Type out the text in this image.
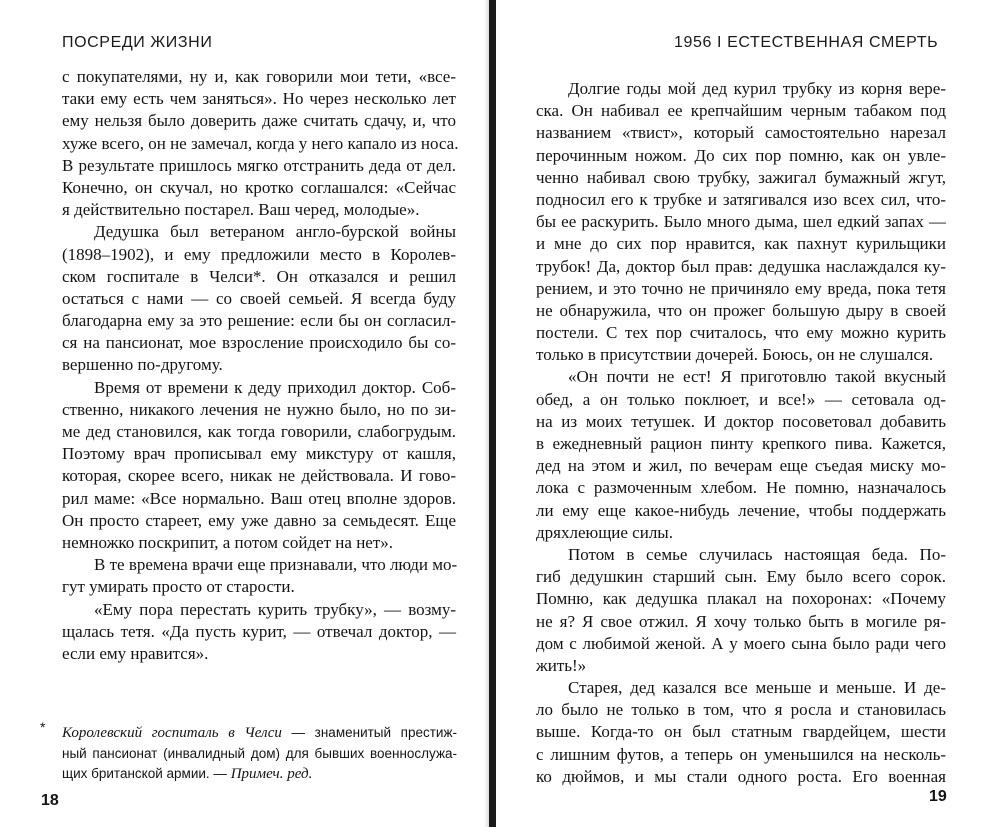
ПОСРЕДИ ЖИЗНИ
с покупателями, ну и, как говорили мои тети, «все-
таки ему есть чем заняться». Но через несколько лет
ему нельзя было доверить даже считать сдачу, и, что
хуже всего, он не замечал, когда у него капало из носа.
В результате пришлось мягко отстранить деда от дел.
Конечно, он скучал, но кротко соглашался: «Сейчас
я действительно постарел. Ваш черед, молодые».
Дедушка был ветераном англо-бурской войны
(1898–1902), и ему предложили место в Королев-
ском госпитале в Челси*. Он отказался и решил
остаться с нами — со своей семьей. Я всегда буду
благодарна ему за это решение: если бы он согласил-
ся на пансионат, мое взросление происходило бы со-
вершенно по-другому.
Время от времени к деду приходил доктор. Соб-
ственно, никакого лечения не нужно было, но по зи-
ме дед становился, как тогда говорили, слабогрудым.
Поэтому врач прописывал ему микстуру от кашля,
которая, скорее всего, никак не действовала. И гово-
рил маме: «Все нормально. Ваш отец вполне здоров.
Он просто стареет, ему уже давно за семьдесят. Еще
немножко поскрипит, а потом сойдет на нет».
В те времена врачи еще признавали, что люди мо-
гут умирать просто от старости.
«Ему пора перестать курить трубку», — возму-
щалась тетя. «Да пусть курит, — отвечал доктор, —
если ему нравится».
* Королевский госпиталь в Челси — знаменитый престиж-
ный пансионат (инвалидный дом) для бывших военнослужа-
щих британской армии. — Примеч. ред.
18
1956 I ЕСТЕСТВЕННАЯ СМЕРТЬ
Долгие годы мой дед курил трубку из корня вере-
ска. Он набивал ее крепчайшим черным табаком под
названием «твист», который самостоятельно нарезал
перочинным ножом. До сих пор помню, как он увле-
ченно набивал свою трубку, зажигал бумажный жгут,
подносил его к трубке и затягивался изо всех сил, что-
бы ее раскурить. Было много дыма, шел едкий запах —
и мне до сих пор нравится, как пахнут курильщики
трубок! Да, доктор был прав: дедушка наслаждался ку-
рением, и это точно не причиняло ему вреда, пока тетя
не обнаружила, что он прожег большую дыру в своей
постели. С тех пор считалось, что ему можно курить
только в присутствии дочерей. Боюсь, он не слушался.
«Он почти не ест! Я приготовлю такой вкусный
обед, а он только поклюет, и все!» — сетовала од-
на из моих тетушек. И доктор посоветовал добавить
в ежедневный рацион пинту крепкого пива. Кажется,
дед на этом и жил, по вечерам еще съедая миску мо-
лока с размоченным хлебом. Не помню, назначалось
ли ему еще какое-нибудь лечение, чтобы поддержать
дряхлеющие силы.
Потом в семье случилась настоящая беда. По-
гиб дедушкин старший сын. Ему было всего сорок.
Помню, как дедушка плакал на похоронах: «Почему
не я? Я свое отжил. Я хочу только быть в могиле ря-
дом с любимой женой. А у моего сына было ради чего
жить!»
Старея, дед казался все меньше и меньше. И де-
ло было не только в том, что я росла и становилась
выше. Когда-то он был статным гвардейцем, шести
с лишним футов, а теперь он уменьшился на несколь-
ко дюймов, и мы стали одного роста. Его военная
19
